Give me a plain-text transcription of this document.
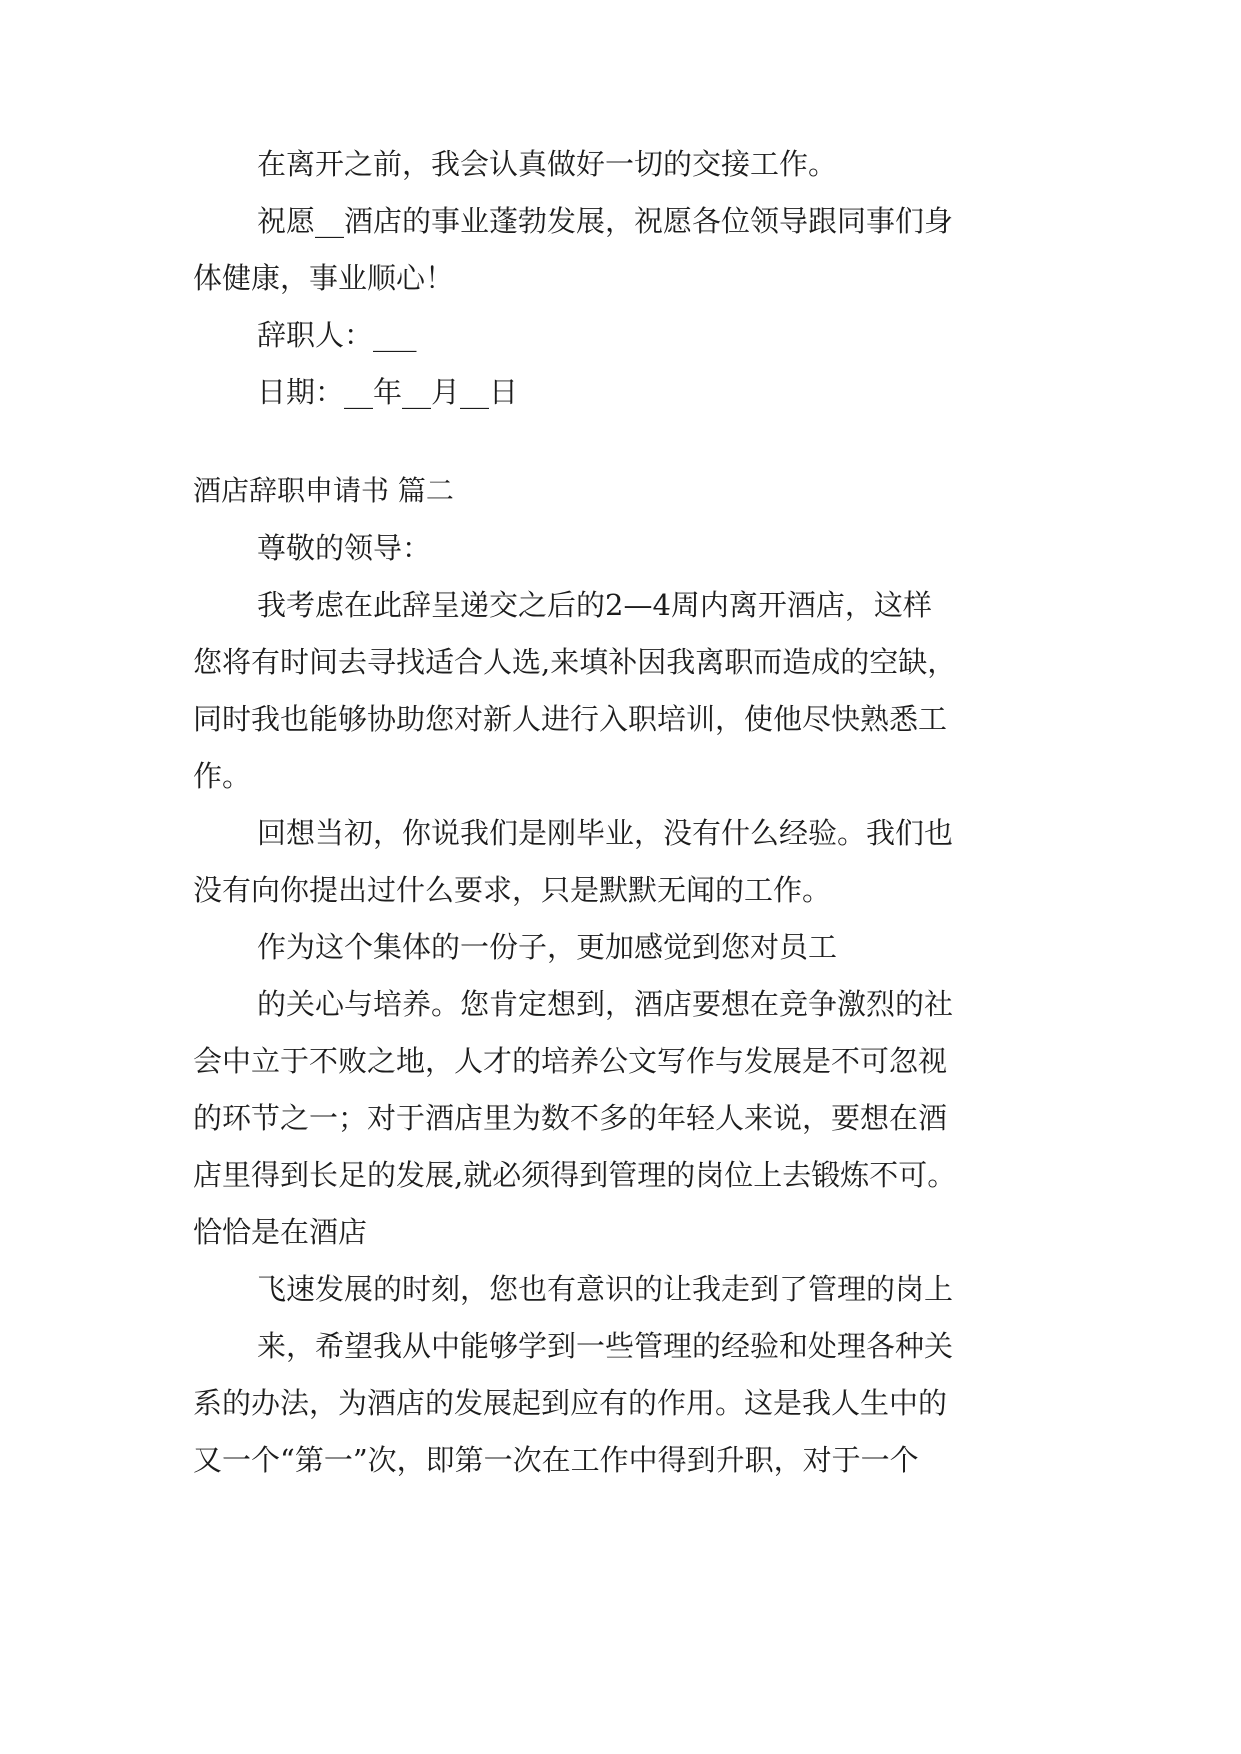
在离开之前，我会认真做好一切的交接工作。
祝愿__酒店的事业蓬勃发展，祝愿各位领导跟同事们身
体健康，事业顺心！
辞职人：___
日期：__年__月__日
酒店辞职申请书 篇二
尊敬的领导：
我考虑在此辞呈递交之后的2—4周内离开酒店，这样
您将有时间去寻找适合人选,来填补因我离职而造成的空缺，
同时我也能够协助您对新人进行入职培训，使他尽快熟悉工
作。
回想当初，你说我们是刚毕业，没有什么经验。我们也
没有向你提出过什么要求，只是默默无闻的工作。
作为这个集体的一份子，更加感觉到您对员工
的关心与培养。您肯定想到，酒店要想在竞争激烈的社
会中立于不败之地，人才的培养公文写作与发展是不可忽视
的环节之一；对于酒店里为数不多的年轻人来说，要想在酒
店里得到长足的发展,就必须得到管理的岗位上去锻炼不可。
恰恰是在酒店
飞速发展的时刻，您也有意识的让我走到了管理的岗上
来，希望我从中能够学到一些管理的经验和处理各种关
系的办法，为酒店的发展起到应有的作用。这是我人生中的
又一个“第一”次，即第一次在工作中得到升职，对于一个
